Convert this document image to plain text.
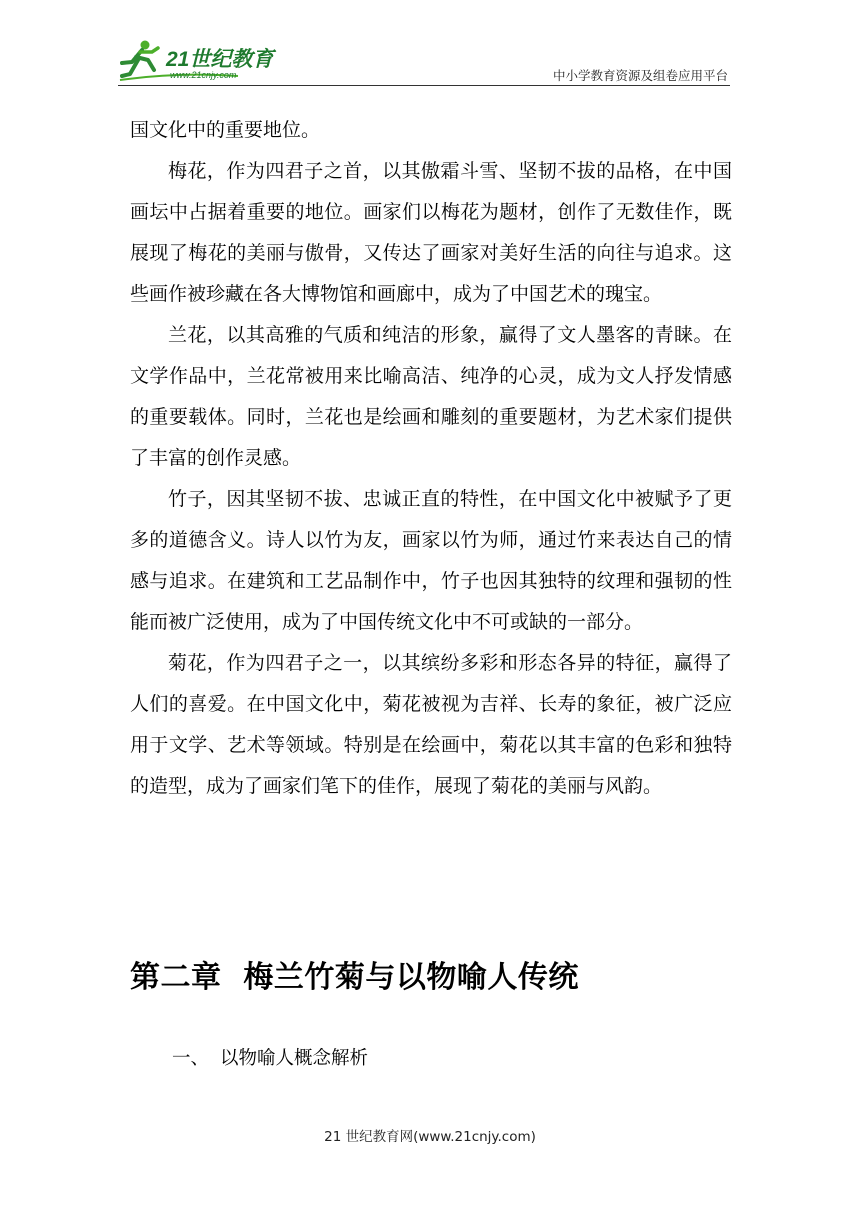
21世纪教育
www.21cnjy.com	中小学教育资源及组卷应用平台

国文化中的重要地位。

梅花，作为四君子之首，以其傲霜斗雪、坚韧不拔的品格，在中国画坛中占据着重要的地位。画家们以梅花为题材，创作了无数佳作，既展现了梅花的美丽与傲骨，又传达了画家对美好生活的向往与追求。这些画作被珍藏在各大博物馆和画廊中，成为了中国艺术的瑰宝。

兰花，以其高雅的气质和纯洁的形象，赢得了文人墨客的青睐。在文学作品中，兰花常被用来比喻高洁、纯净的心灵，成为文人抒发情感的重要载体。同时，兰花也是绘画和雕刻的重要题材，为艺术家们提供了丰富的创作灵感。

竹子，因其坚韧不拔、忠诚正直的特性，在中国文化中被赋予了更多的道德含义。诗人以竹为友，画家以竹为师，通过竹来表达自己的情感与追求。在建筑和工艺品制作中，竹子也因其独特的纹理和强韧的性能而被广泛使用，成为了中国传统文化中不可或缺的一部分。

菊花，作为四君子之一，以其缤纷多彩和形态各异的特征，赢得了人们的喜爱。在中国文化中，菊花被视为吉祥、长寿的象征，被广泛应用于文学、艺术等领域。特别是在绘画中，菊花以其丰富的色彩和独特的造型，成为了画家们笔下的佳作，展现了菊花的美丽与风韵。

第二章  梅兰竹菊与以物喻人传统
一、 以物喻人概念解析
21 世纪教育网(www.21cnjy.com)
